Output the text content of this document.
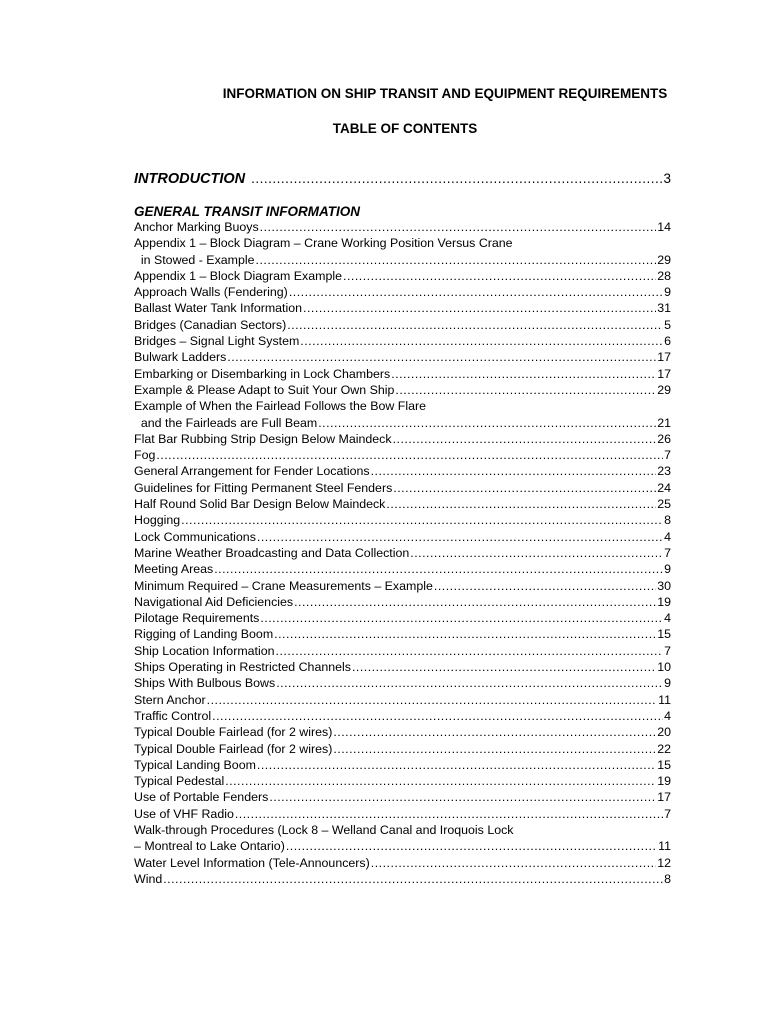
INFORMATION ON SHIP TRANSIT AND EQUIPMENT REQUIREMENTS
TABLE OF CONTENTS
INTRODUCTION .....	3
GENERAL TRANSIT INFORMATION
Anchor Marking Buoys .....	14
Appendix 1 – Block Diagram – Crane Working Position Versus Crane
in Stowed - Example .....	29
Appendix 1 – Block Diagram Example .....	28
Approach Walls (Fendering) .....	9
Ballast Water Tank Information .....	31
Bridges (Canadian Sectors) .....	5
Bridges – Signal Light System .....	6
Bulwark Ladders .....	17
Embarking or Disembarking in Lock Chambers .....	17
Example & Please Adapt to Suit Your Own Ship .....	29
Example of When the Fairlead Follows the Bow Flare
and the Fairleads are Full Beam .....	21
Flat Bar Rubbing Strip Design Below Maindeck .....	26
Fog .....	7
General Arrangement for Fender Locations .....	23
Guidelines for Fitting Permanent Steel Fenders .....	24
Half Round Solid Bar Design Below Maindeck .....	25
Hogging .....	8
Lock Communications .....	4
Marine Weather Broadcasting and Data Collection .....	7
Meeting Areas .....	9
Minimum Required – Crane Measurements – Example .....	30
Navigational Aid Deficiencies .....	19
Pilotage Requirements .....	4
Rigging of Landing Boom .....	15
Ship Location Information .....	7
Ships Operating in Restricted Channels .....	10
Ships With Bulbous Bows .....	9
Stern Anchor .....	11
Traffic Control .....	4
Typical Double Fairlead (for 2 wires) .....	20
Typical Double Fairlead (for 2 wires) .....	22
Typical Landing Boom .....	15
Typical Pedestal .....	19
Use of Portable Fenders .....	17
Use of VHF Radio .....	7
Walk-through Procedures (Lock 8 – Welland Canal and Iroquois Lock
– Montreal to Lake Ontario) .....	11
Water Level Information (Tele-Announcers) .....	12
Wind .....	8
